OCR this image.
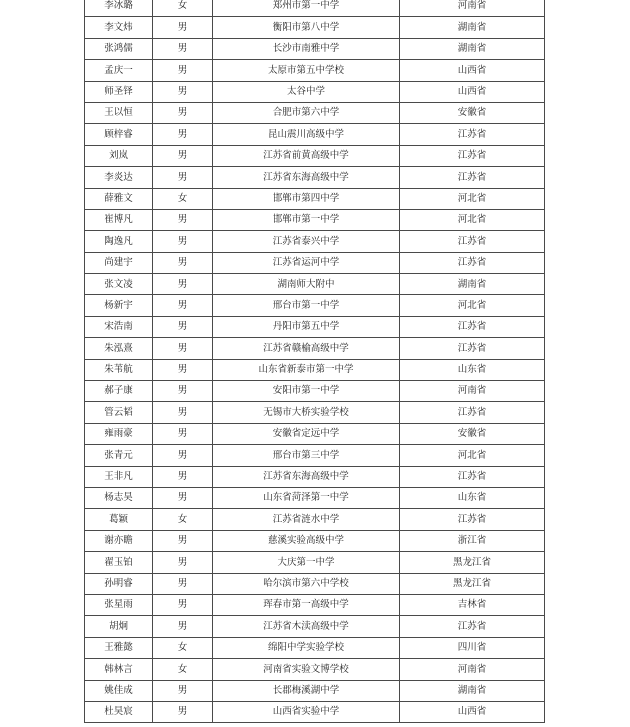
李冰璐	女	郑州市第一中学	河南省
李文炜	男	衡阳市第八中学	湖南省
张鸿儒	男	长沙市南雅中学	湖南省
孟庆一	男	太原市第五中学校	山西省
师圣铎	男	太谷中学	山西省
王以恒	男	合肥市第六中学	安徽省
顾梓睿	男	昆山震川高级中学	江苏省
刘岚	男	江苏省前黄高级中学	江苏省
李炎达	男	江苏省东海高级中学	江苏省
薛雅文	女	邯郸市第四中学	河北省
崔博凡	男	邯郸市第一中学	河北省
陶逸凡	男	江苏省泰兴中学	江苏省
尚建宇	男	江苏省运河中学	江苏省
张文凌	男	湖南师大附中	湖南省
杨新宇	男	邢台市第一中学	河北省
宋浩南	男	丹阳市第五中学	江苏省
朱泓熹	男	江苏省赣榆高级中学	江苏省
朱苇航	男	山东省新泰市第一中学	山东省
郝子康	男	安阳市第一中学	河南省
管云韬	男	无锡市大桥实验学校	江苏省
雍雨豪	男	安徽省定远中学	安徽省
张青元	男	邢台市第三中学	河北省
王非凡	男	江苏省东海高级中学	江苏省
杨志昊	男	山东省菏泽第一中学	山东省
葛颖	女	江苏省涟水中学	江苏省
谢亦瞻	男	慈溪实验高级中学	浙江省
翟玉铂	男	大庆第一中学	黑龙江省
孙明睿	男	哈尔滨市第六中学校	黑龙江省
张星雨	男	珲春市第一高级中学	吉林省
胡炯	男	江苏省木渎高级中学	江苏省
王雅懿	女	绵阳中学实验学校	四川省
韩林言	女	河南省实验文博学校	河南省
姚佳成	男	长郡梅溪湖中学	湖南省
杜昊宸	男	山西省实验中学	山西省
